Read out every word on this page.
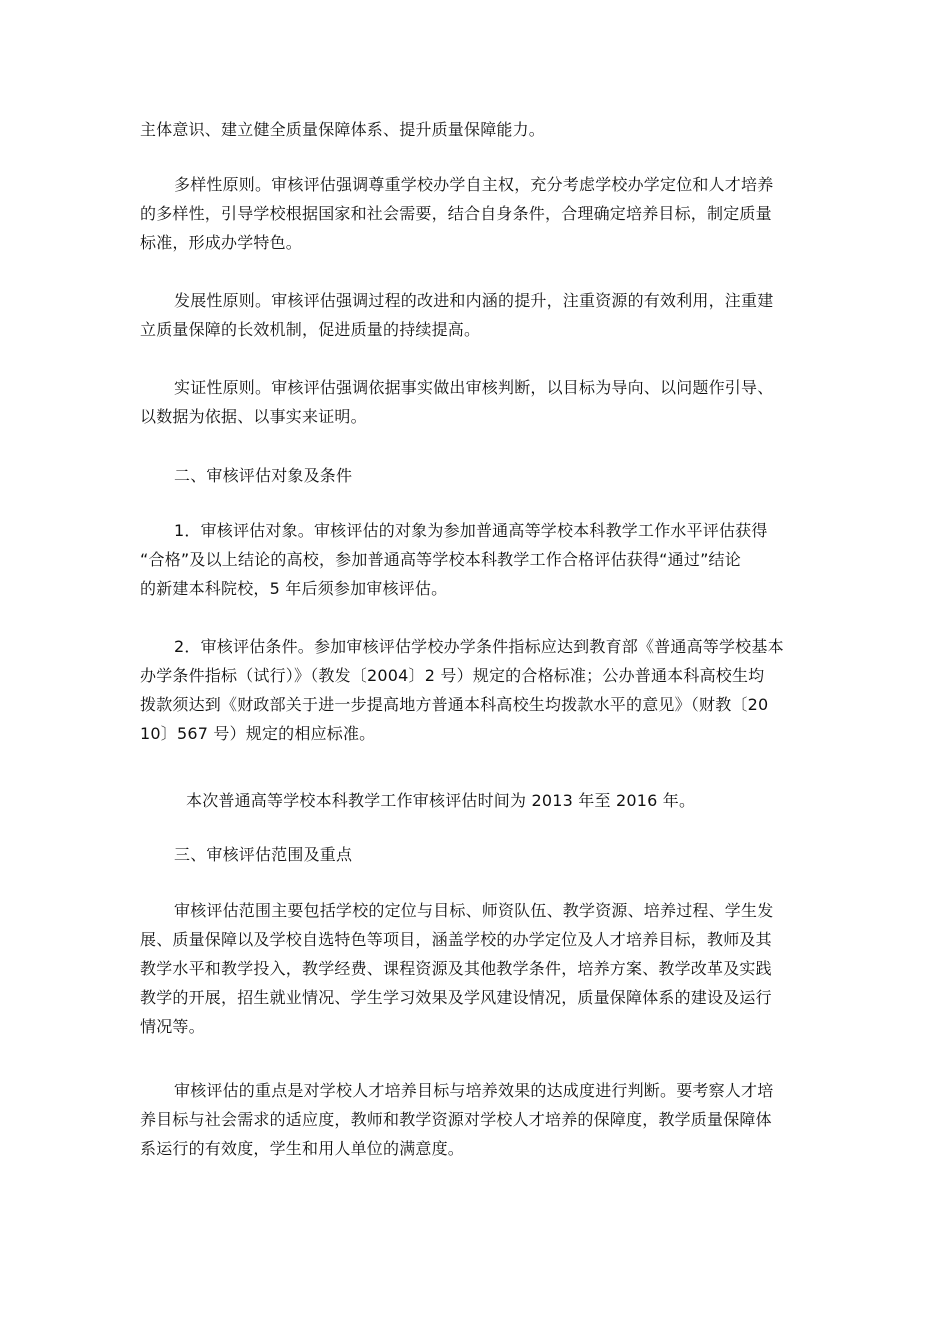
主体意识、建立健全质量保障体系、提升质量保障能力。

多样性原则。审核评估强调尊重学校办学自主权，充分考虑学校办学定位和人才培养
的多样性，引导学校根据国家和社会需要，结合自身条件，合理确定培养目标，制定质量
标准，形成办学特色。

发展性原则。审核评估强调过程的改进和内涵的提升，注重资源的有效利用，注重建
立质量保障的长效机制，促进质量的持续提高。

实证性原则。审核评估强调依据事实做出审核判断，以目标为导向、以问题作引导、
以数据为依据、以事实来证明。

二、审核评估对象及条件

1．审核评估对象。审核评估的对象为参加普通高等学校本科教学工作水平评估获得
“合格”及以上结论的高校，参加普通高等学校本科教学工作合格评估获得“通过”结论
的新建本科院校，5 年后须参加审核评估。

2．审核评估条件。参加审核评估学校办学条件指标应达到教育部《普通高等学校基本
办学条件指标（试行）》（教发〔2004〕2 号）规定的合格标准；公办普通本科高校生均
拨款须达到《财政部关于进一步提高地方普通本科高校生均拨款水平的意见》（财教〔20
10〕567 号）规定的相应标准。

本次普通高等学校本科教学工作审核评估时间为 2013 年至 2016 年。

三、审核评估范围及重点

审核评估范围主要包括学校的定位与目标、师资队伍、教学资源、培养过程、学生发
展、质量保障以及学校自选特色等项目，涵盖学校的办学定位及人才培养目标，教师及其
教学水平和教学投入，教学经费、课程资源及其他教学条件，培养方案、教学改革及实践
教学的开展，招生就业情况、学生学习效果及学风建设情况，质量保障体系的建设及运行
情况等。

审核评估的重点是对学校人才培养目标与培养效果的达成度进行判断。要考察人才培
养目标与社会需求的适应度，教师和教学资源对学校人才培养的保障度，教学质量保障体
系运行的有效度，学生和用人单位的满意度。
